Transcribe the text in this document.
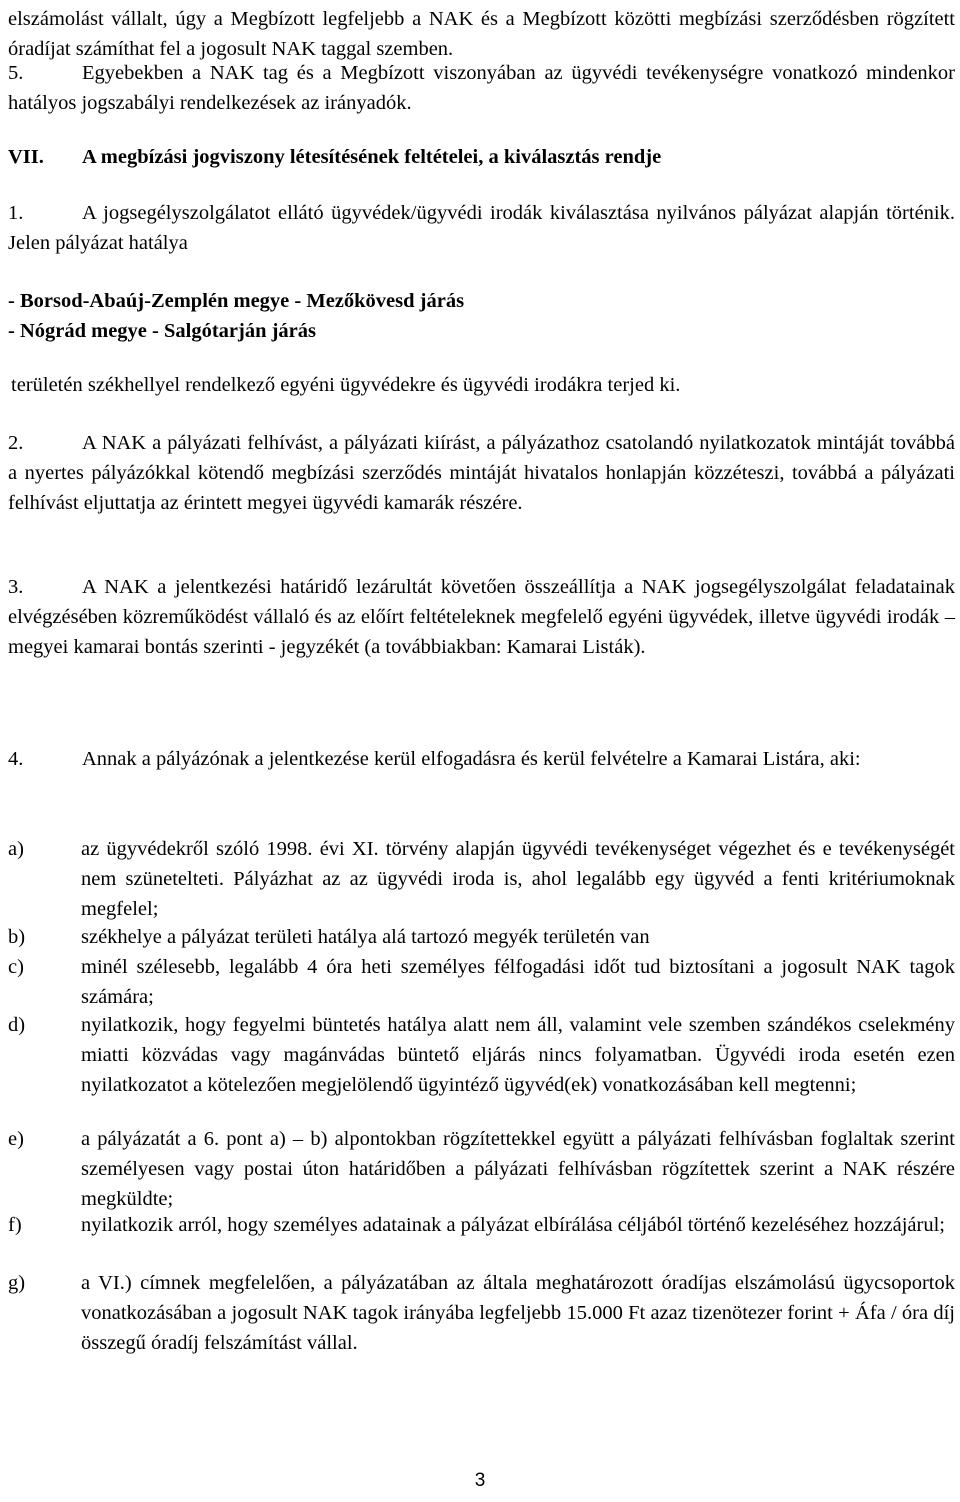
elszámolást vállalt, úgy a Megbízott legfeljebb a NAK és a Megbízott közötti megbízási szerződésben rögzített óradíjat számíthat fel a jogosult NAK taggal szemben.

5.	Egyebekben a NAK tag és a Megbízott viszonyában az ügyvédi tevékenységre vonatkozó mindenkor hatályos jogszabályi rendelkezések az irányadók.

VII. A megbízási jogviszony létesítésének feltételei, a kiválasztás rendje

1.	A jogsegélyszolgálatot ellátó ügyvédek/ügyvédi irodák kiválasztása nyilvános pályázat alapján történik. Jelen pályázat hatálya

- Borsod-Abaúj-Zemplén megye - Mezőkövesd járás
- Nógrád megye - Salgótarján járás
területén székhellyel rendelkező egyéni ügyvédekre és ügyvédi irodákra terjed ki.

2.	A NAK a pályázati felhívást, a pályázati kiírást, a pályázathoz csatolandó nyilatkozatok mintáját továbbá a nyertes pályázókkal kötendő megbízási szerződés mintáját hivatalos honlapján közzéteszi, továbbá a pályázati felhívást eljuttatja az érintett megyei ügyvédi kamarák részére.

3.	A NAK a jelentkezési határidő lezárultát követően összeállítja a NAK jogsegélyszolgálat feladatainak elvégzésében közreműködést vállaló és az előírt feltételeknek megfelelő egyéni ügyvédek, illetve ügyvédi irodák – megyei kamarai bontás szerinti - jegyzékét (a továbbiakban: Kamarai Listák).

4.	Annak a pályázónak a jelentkezése kerül elfogadásra és kerül felvételre a Kamarai Listára, aki:

a)	az ügyvédekről szóló 1998. évi XI. törvény alapján ügyvédi tevékenységet végezhet és e tevékenységét nem szünetelteti. Pályázhat az az ügyvédi iroda is, ahol legalább egy ügyvéd a fenti kritériumoknak megfelel;
b)	székhelye a pályázat területi hatálya alá tartozó megyék területén van
c)	minél szélesebb, legalább 4 óra heti személyes félfogadási időt tud biztosítani a jogosult NAK tagok számára;
d)	nyilatkozik, hogy fegyelmi büntetés hatálya alatt nem áll, valamint vele szemben szándékos cselekmény miatti közvádas vagy magánvádas büntető eljárás nincs folyamatban. Ügyvédi iroda esetén ezen nyilatkozatot a kötelezően megjelölendő ügyintéző ügyvéd(ek) vonatkozásában kell megtenni;
e)	a pályázatát a 6. pont a) – b) alpontokban rögzítettekkel együtt a pályázati felhívásban foglaltak szerint személyesen vagy postai úton határidőben a pályázati felhívásban rögzítettek szerint a NAK részére megküldte;
f)	nyilatkozik arról, hogy személyes adatainak a pályázat elbírálása céljából történő kezeléséhez hozzájárul;
g)	a VI.) címnek megfelelően, a pályázatában az általa meghatározott óradíjas elszámolású ügycsoportok vonatkozásában a jogosult NAK tagok irányába legfeljebb 15.000 Ft azaz tizenötezer forint + Áfa / óra díj összegű óradíj felszámítást vállal.
3
